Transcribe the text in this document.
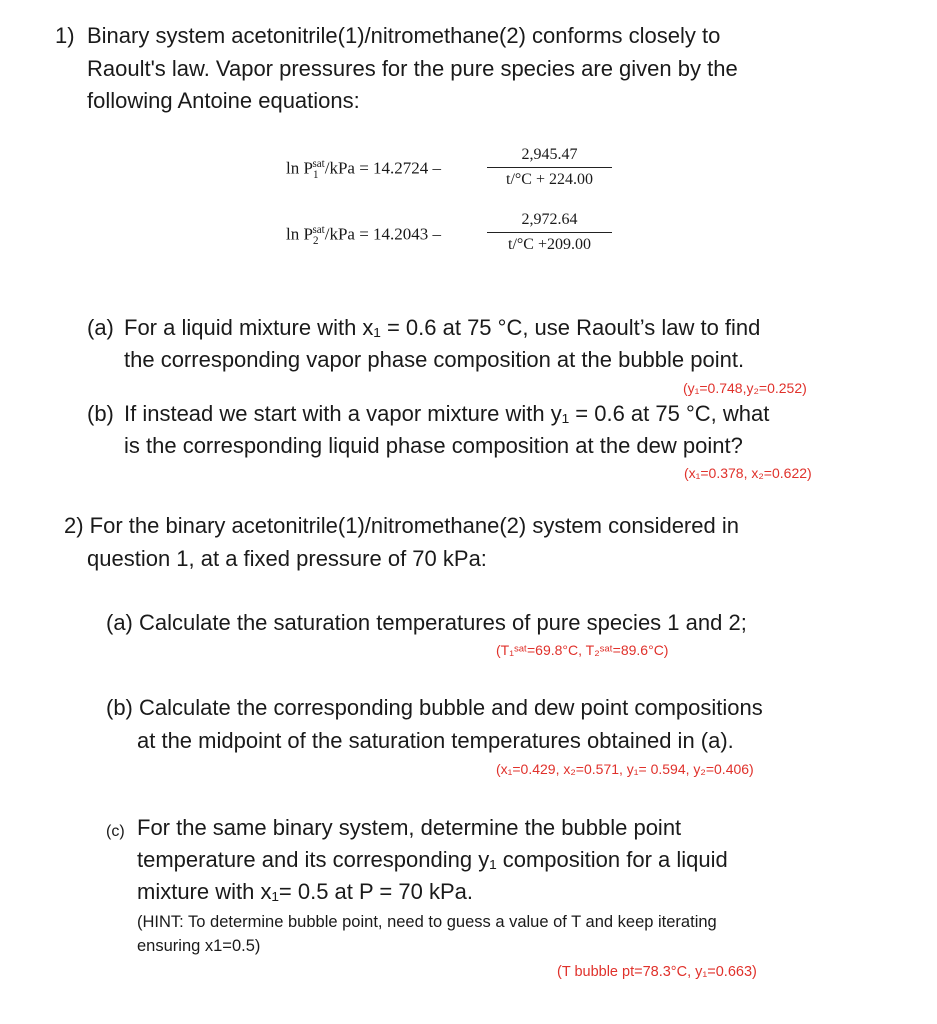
1) Binary system acetonitrile(1)/nitromethane(2) conforms closely to
Raoult's law. Vapor pressures for the pure species are given by the
following Antoine equations:
$\ln P_1^{sat}$/kPa = 14.2724 –
2,945.47
t/°C + 224.00
$\ln P_2^{sat}$/kPa = 14.2043 –
2,972.64
t/°C +209.00
(a) For a liquid mixture with x₁ = 0.6 at 75 °C, use Raoult’s law to find
the corresponding vapor phase composition at the bubble point.
(y₁=0.748,y₂=0.252)
(b) If instead we start with a vapor mixture with y₁ = 0.6 at 75 °C, what
is the corresponding liquid phase composition at the dew point?
(x₁=0.378, x₂=0.622)
2) For the binary acetonitrile(1)/nitromethane(2) system considered in
question 1, at a fixed pressure of 70 kPa:
(a) Calculate the saturation temperatures of pure species 1 and 2;
(T₁ˢᵃᵗ=69.8°C, T₂ˢᵃᵗ=89.6°C)
(b) Calculate the corresponding bubble and dew point compositions
at the midpoint of the saturation temperatures obtained in (a).
(x₁=0.429, x₂=0.571, y₁= 0.594, y₂=0.406)
(c) For the same binary system, determine the bubble point
temperature and its corresponding y₁ composition for a liquid
mixture with x₁= 0.5 at P = 70 kPa.
(HINT: To determine bubble point, need to guess a value of T and keep iterating
ensuring x1=0.5)
(T bubble pt=78.3°C, y₁=0.663)
